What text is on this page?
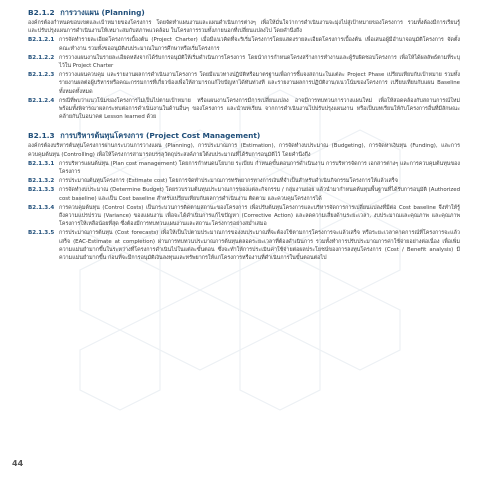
B2.1.2 การวางแผน (Planning)

องค์กรต้องกำหนดขอบเขตและเป้าหมายของโครงการ โดยจัดทำแผนงานและแผนดำเนินการต่างๆ เพื่อให้มั่นใจว่าการดำเนินงานจะมุ่งไปสู่เป้าหมายของโครงการ รวมทั้งต้องมีการเรียนรู้และปรับปรุงแผนการดำเนินงานให้เหมาะสมกับสภาพแวดล้อม ในโครงการรวมทั้งภายนอกที่เปลี่ยนแปลงไป โดยคำนึงถึง

B2.1.2.1 การจัดทำรายละเอียดโครงการเบื้องต้น (Project Charter) เมื่อมีแนวคิดที่จะริเริ่มโครงการโดยแสดงรายละเอียดโครงการเบื้องต้น เพื่อเสนอผู้มีอำนาจอนุมัติโครงการ จัดตั้งคณะทำงาน รวมทั้งขออนุมัติงบประมาณในการศึกษาหรือเริ่มโครงการ
B2.1.2.2 การวางแผนงานในรายละเอียดหลังจากได้รับการอนุมัติให้เริ่มดำเนินการโครงการ โดยนำการกำหนดโครงสร้างการทำงานและผู้รับผิดชอบโครงการ เพื่อให้ได้ผลลัพธ์ตามที่ระบุไว้ใน Project Charter
B2.1.2.3 การวางแผนควบคุม และรายงานผลการดำเนินงานโครงการ โดยมีแนวทางปฏิบัติหรือมาตรฐานเพื่อการชี้แจงสถานะในแต่ละ Project Phase เปรียบเทียบกับเป้าหมาย รวมทั้งรายงานผลต่อผู้บริหารหรือคณะกรรมการที่เกี่ยวข้องเพื่อให้สามารถแก้ไขปัญหาได้ทันท่วงที และรายงานผลการปฏิบัติงาน/แนวโน้มของโครงการ เปรียบเทียบกับแผน Baseline ทั้งหมดทั้งหมด
B2.1.2.4 กรณีที่พบว่าแนวโน้มของโครงการไม่เป็นไปตามเป้าหมาย หรือแผนงานโครงการมีการเปลี่ยนแปลง อาจมีการทบทวนการวางแผนใหม่ เพื่อให้สอดคล้องกับสถานการณ์ใหม่ พร้อมทั้งพิจารณาผลกระทบต่อการดำเนินงานในด้านอื่นๆ ของโครงการ และนำบทเรียน จากการดำเนินงานไปปรับปรุงแผนงาน หรือเป็นบทเรียนให้กับโครงการอื่นที่มีลักษณะคล้ายกันในอนาคต Lesson learned ด้วย

B2.1.3 การบริหารต้นทุนโครงการ (Project Cost Management)

องค์กรต้องบริหารต้นทุนโครงการผ่านกระบวนการวางแผน (Planning), การประมาณการ (Estimation), การจัดทำงบประมาณ (Budgeting), การจัดหาเงินทุน (Funding), และการควบคุมต้นทุน (Controlling) เพื่อให้โครงการสามารถบรรลุวัตถุประสงค์ภายใต้งบประมาณที่ได้รับการอนุมัติไว้ โดยคำนึงถึง

B2.1.3.1 การบริหารแผนต้นทุน (Plan cost management) โดยการกำหนดนโยบาย ระเบียบ กำหนดขั้นตอนการดำเนินงาน การบริหารจัดการ เอกสารต่างๆ และการควบคุมต้นทุนของโครงการ
B2.1.3.2 การประมาณต้นทุนโครงการ (Estimate cost) โดยการจัดทำประมาณการทรัพยากรทางการเงินที่จำเป็นสำหรับดำเนินกิจกรรมโครงการให้แล้วเสร็จ
B2.1.3.3 การจัดทำงบประมาณ (Determine Budget) โดยรวบรวมต้นทุนประมาณการของแต่ละกิจกรรม / กลุ่มงานย่อย แล้วนำมากำหนดต้นทุนพื้นฐานที่ได้รับการอนุมัติ (Authorized cost baseline) และเป็น Cost baseline สำหรับเปรียบเทียบกับผลการดำเนินงาน ติดตาม และควบคุมโครงการได้
B2.1.3.4 การควบคุมต้นทุน (Control Costs) เป็นกระบวนการติดตามสถานะของโครงการ เพื่อปรับต้นทุนโครงการและบริหารจัดการการเปลี่ยนแปลงที่มีต่อ Cost baseline จึงทำให้รู้ถึงความแปรปรวน (Variance) ของแผนงาน เพื่อจะได้ดำเนินการแก้ไขปัญหา (Corrective Action) และลดความเสี่ยงด้านระยะเวลา, งบประมาณและคุณภาพ และคุณภาพโครงการให้เหลือน้อยที่สุด ซึ่งต้องมีการทบทวนแผนงานและสถานะโครงการอย่างสม่ำเสมอ
B2.1.3.5 การประมาณการต้นทุน (Cost forecasts) เพื่อให้เป็นไปตามประมาณการของงบประมาณที่จะต้องใช้ตามการโครงการจะแล้วเสร็จ หรือระยะเวลาคาดการณ์ที่โครงการจะแล้วเสร็จ (EAC-Estimate at completion) ผ่านการทบทวนประมาณการต้นทุนตลอดระยะเวลาที่ต้องดำเนินการ รวมทั้งทำการปรับประมาณการค่าใช้จ่ายอย่างต่อเนื่อง เพื่อเพิ่มความแม่นยำมากขึ้นในระหว่างที่โครงการดำเนินไปในแต่ละขั้นตอน ซึ่งจะทำให้การประเมินค่าใช้จ่ายต่อผลประโยชน์ของการลงทุนโครงการ (Cost / Benefit analysis) มีความแม่นยำมากขึ้น ก่อนที่จะมีการอนุมัติเงินลงทุนและทรัพยากรให้แก่โครงการหรืองานที่ดำเนินการในขั้นตอนต่อไป
44
